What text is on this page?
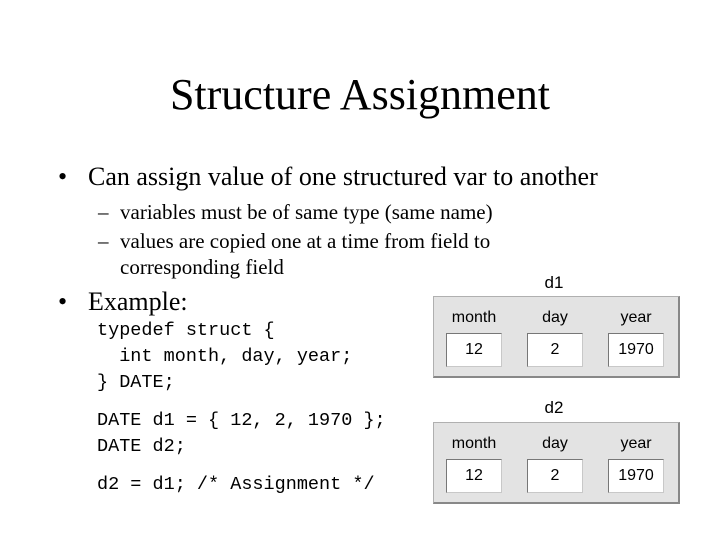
Structure Assignment
• Can assign value of one structured var to another
– variables must be of same type (same name)
– values are copied one at a time from field to
corresponding field
• Example:
typedef struct {
int month, day, year;
} DATE;
DATE d1 = { 12, 2, 1970 };
DATE d2;
d2 = d1; /* Assignment */
d1
month	day	year
12	2	1970
d2
month	day	year
12	2	1970
